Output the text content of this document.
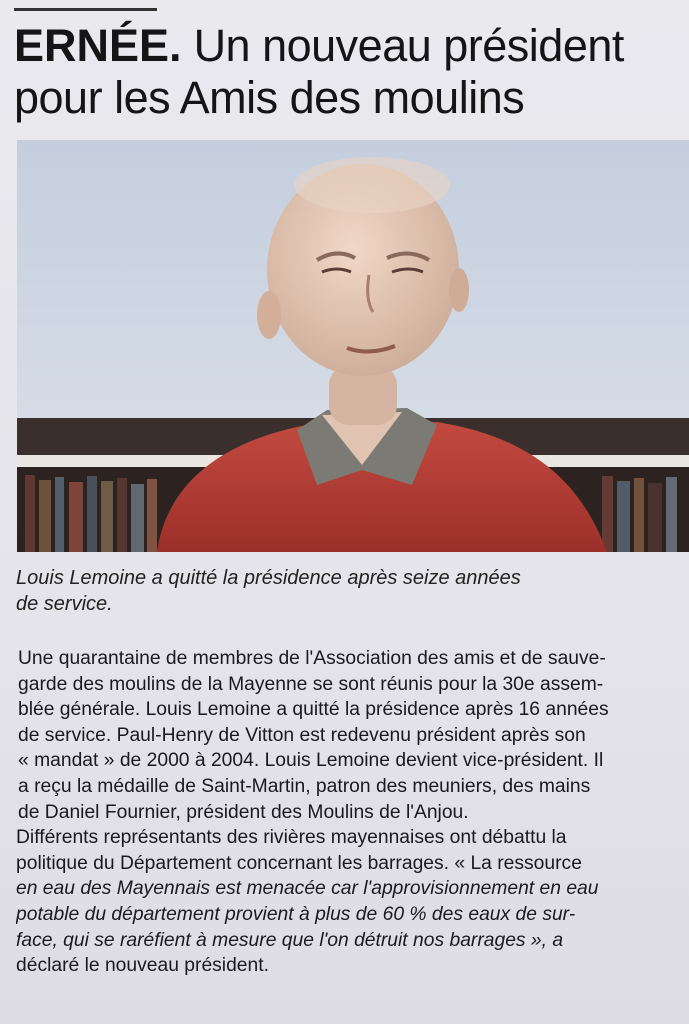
ERNÉE. Un nouveau président
pour les Amis des moulins
Louis Lemoine a quitté la présidence après seize années
de service.

Une quarantaine de membres de l'Association des amis et de sauve-
garde des moulins de la Mayenne se sont réunis pour la 30e assem-
blée générale. Louis Lemoine a quitté la présidence après 16 années
de service. Paul-Henry de Vitton est redevenu président après son
« mandat » de 2000 à 2004. Louis Lemoine devient vice-président. Il
a reçu la médaille de Saint-Martin, patron des meuniers, des mains
de Daniel Fournier, président des Moulins de l'Anjou.

Différents représentants des rivières mayennaises ont débattu la
politique du Département concernant les barrages. « La ressource
en eau des Mayennais est menacée car l'approvisionnement en eau
potable du département provient à plus de 60 % des eaux de sur-
face, qui se raréfient à mesure que l'on détruit nos barrages », a
déclaré le nouveau président.
